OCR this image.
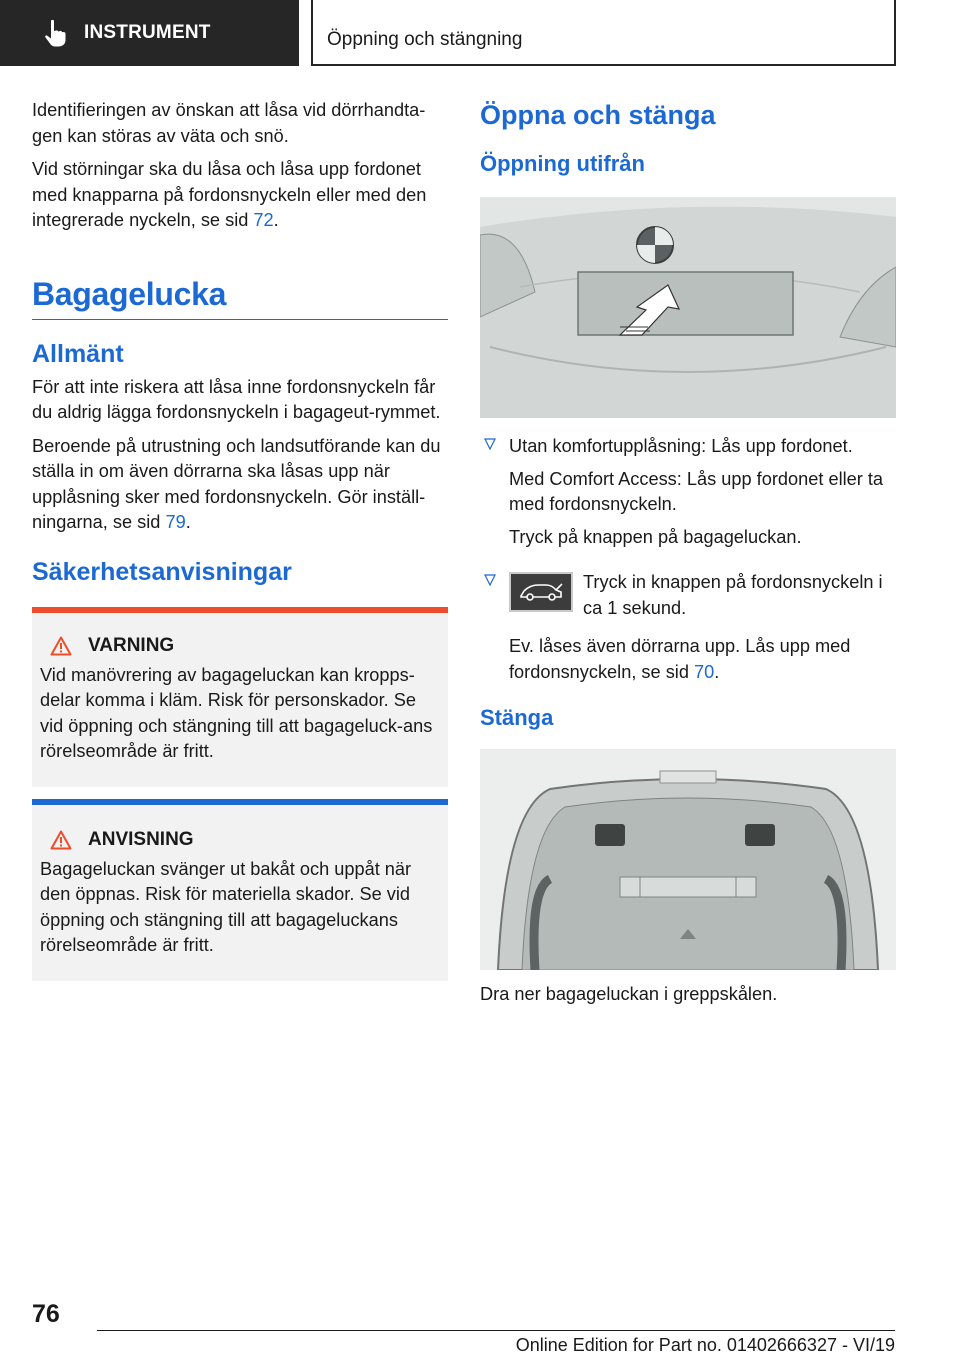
INSTRUMENT	Öppning och stängning

Identifieringen av önskan att låsa vid dörrhandta-gen kan störas av väta och snö.

Vid störningar ska du låsa och låsa upp fordonet med knapparna på fordonsnyckeln eller med den integrerade nyckeln, se sid 72.

Bagagelucka
Allmänt

För att inte riskera att låsa inne fordonsnyckeln får du aldrig lägga fordonsnyckeln i bagageut-rymmet.

Beroende på utrustning och landsutförande kan du ställa in om även dörrarna ska låsas upp när upplåsning sker med fordonsnyckeln. Gör inställ-ningarna, se sid 79.

Säkerhetsanvisningar
VARNING

Vid manövrering av bagageluckan kan kropps-delar komma i kläm. Risk för personskador. Se vid öppning och stängning till att bagageluck-ans rörelseområde är fritt.

ANVISNING

Bagageluckan svänger ut bakåt och uppåt när den öppnas. Risk för materiella skador. Se vid öppning och stängning till att bagageluckans rörelseområde är fritt.

Öppna och stänga
Öppning utifrån

Utan komfortupplåsning: Lås upp fordonet.

Med Comfort Access: Lås upp fordonet eller ta med fordonsnyckeln.

Tryck på knappen på bagageluckan.

Tryck in knappen på fordonsnyckeln i ca 1 sekund.

Ev. låses även dörrarna upp. Lås upp med fordonsnyckeln, se sid 70.

Stänga

Dra ner bagageluckan i greppskålen.

76
Online Edition for Part no. 01402666327 - VI/19
